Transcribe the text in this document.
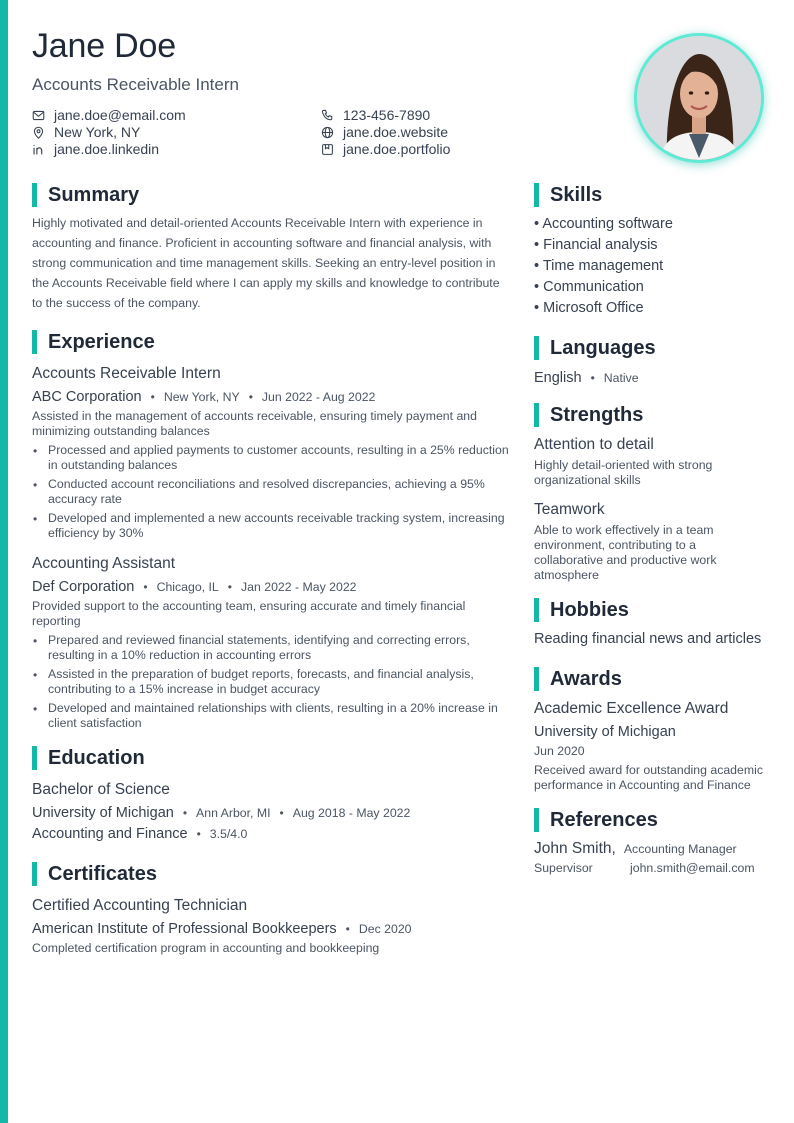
Jane Doe
Accounts Receivable Intern
jane.doe@email.com	123-456-7890
New York, NY	jane.doe.website
jane.doe.linkedin	jane.doe.portfolio
Summary
Highly motivated and detail-oriented Accounts Receivable Intern with experience in accounting and finance. Proficient in accounting software and financial analysis, with strong communication and time management skills. Seeking an entry-level position in the Accounts Receivable field where I can apply my skills and knowledge to contribute to the success of the company.
Experience
Accounts Receivable Intern
ABC Corporation • New York, NY • Jun 2022 - Aug 2022
Assisted in the management of accounts receivable, ensuring timely payment and minimizing outstanding balances
• Processed and applied payments to customer accounts, resulting in a 25% reduction in outstanding balances
• Conducted account reconciliations and resolved discrepancies, achieving a 95% accuracy rate
• Developed and implemented a new accounts receivable tracking system, increasing efficiency by 30%
Accounting Assistant
Def Corporation • Chicago, IL • Jan 2022 - May 2022
Provided support to the accounting team, ensuring accurate and timely financial reporting
• Prepared and reviewed financial statements, identifying and correcting errors, resulting in a 10% reduction in accounting errors
• Assisted in the preparation of budget reports, forecasts, and financial analysis, contributing to a 15% increase in budget accuracy
• Developed and maintained relationships with clients, resulting in a 20% increase in client satisfaction
Education
Bachelor of Science
University of Michigan • Ann Arbor, MI • Aug 2018 - May 2022
Accounting and Finance • 3.5/4.0
Certificates
Certified Accounting Technician
American Institute of Professional Bookkeepers • Dec 2020
Completed certification program in accounting and bookkeeping
Skills
• Accounting software
• Financial analysis
• Time management
• Communication
• Microsoft Office
Languages
English • Native
Strengths
Attention to detail
Highly detail-oriented with strong organizational skills
Teamwork
Able to work effectively in a team environment, contributing to a collaborative and productive work atmosphere
Hobbies
Reading financial news and articles
Awards
Academic Excellence Award
University of Michigan
Jun 2020
Received award for outstanding academic performance in Accounting and Finance
References
John Smith, Accounting Manager
Supervisor	john.smith@email.com
